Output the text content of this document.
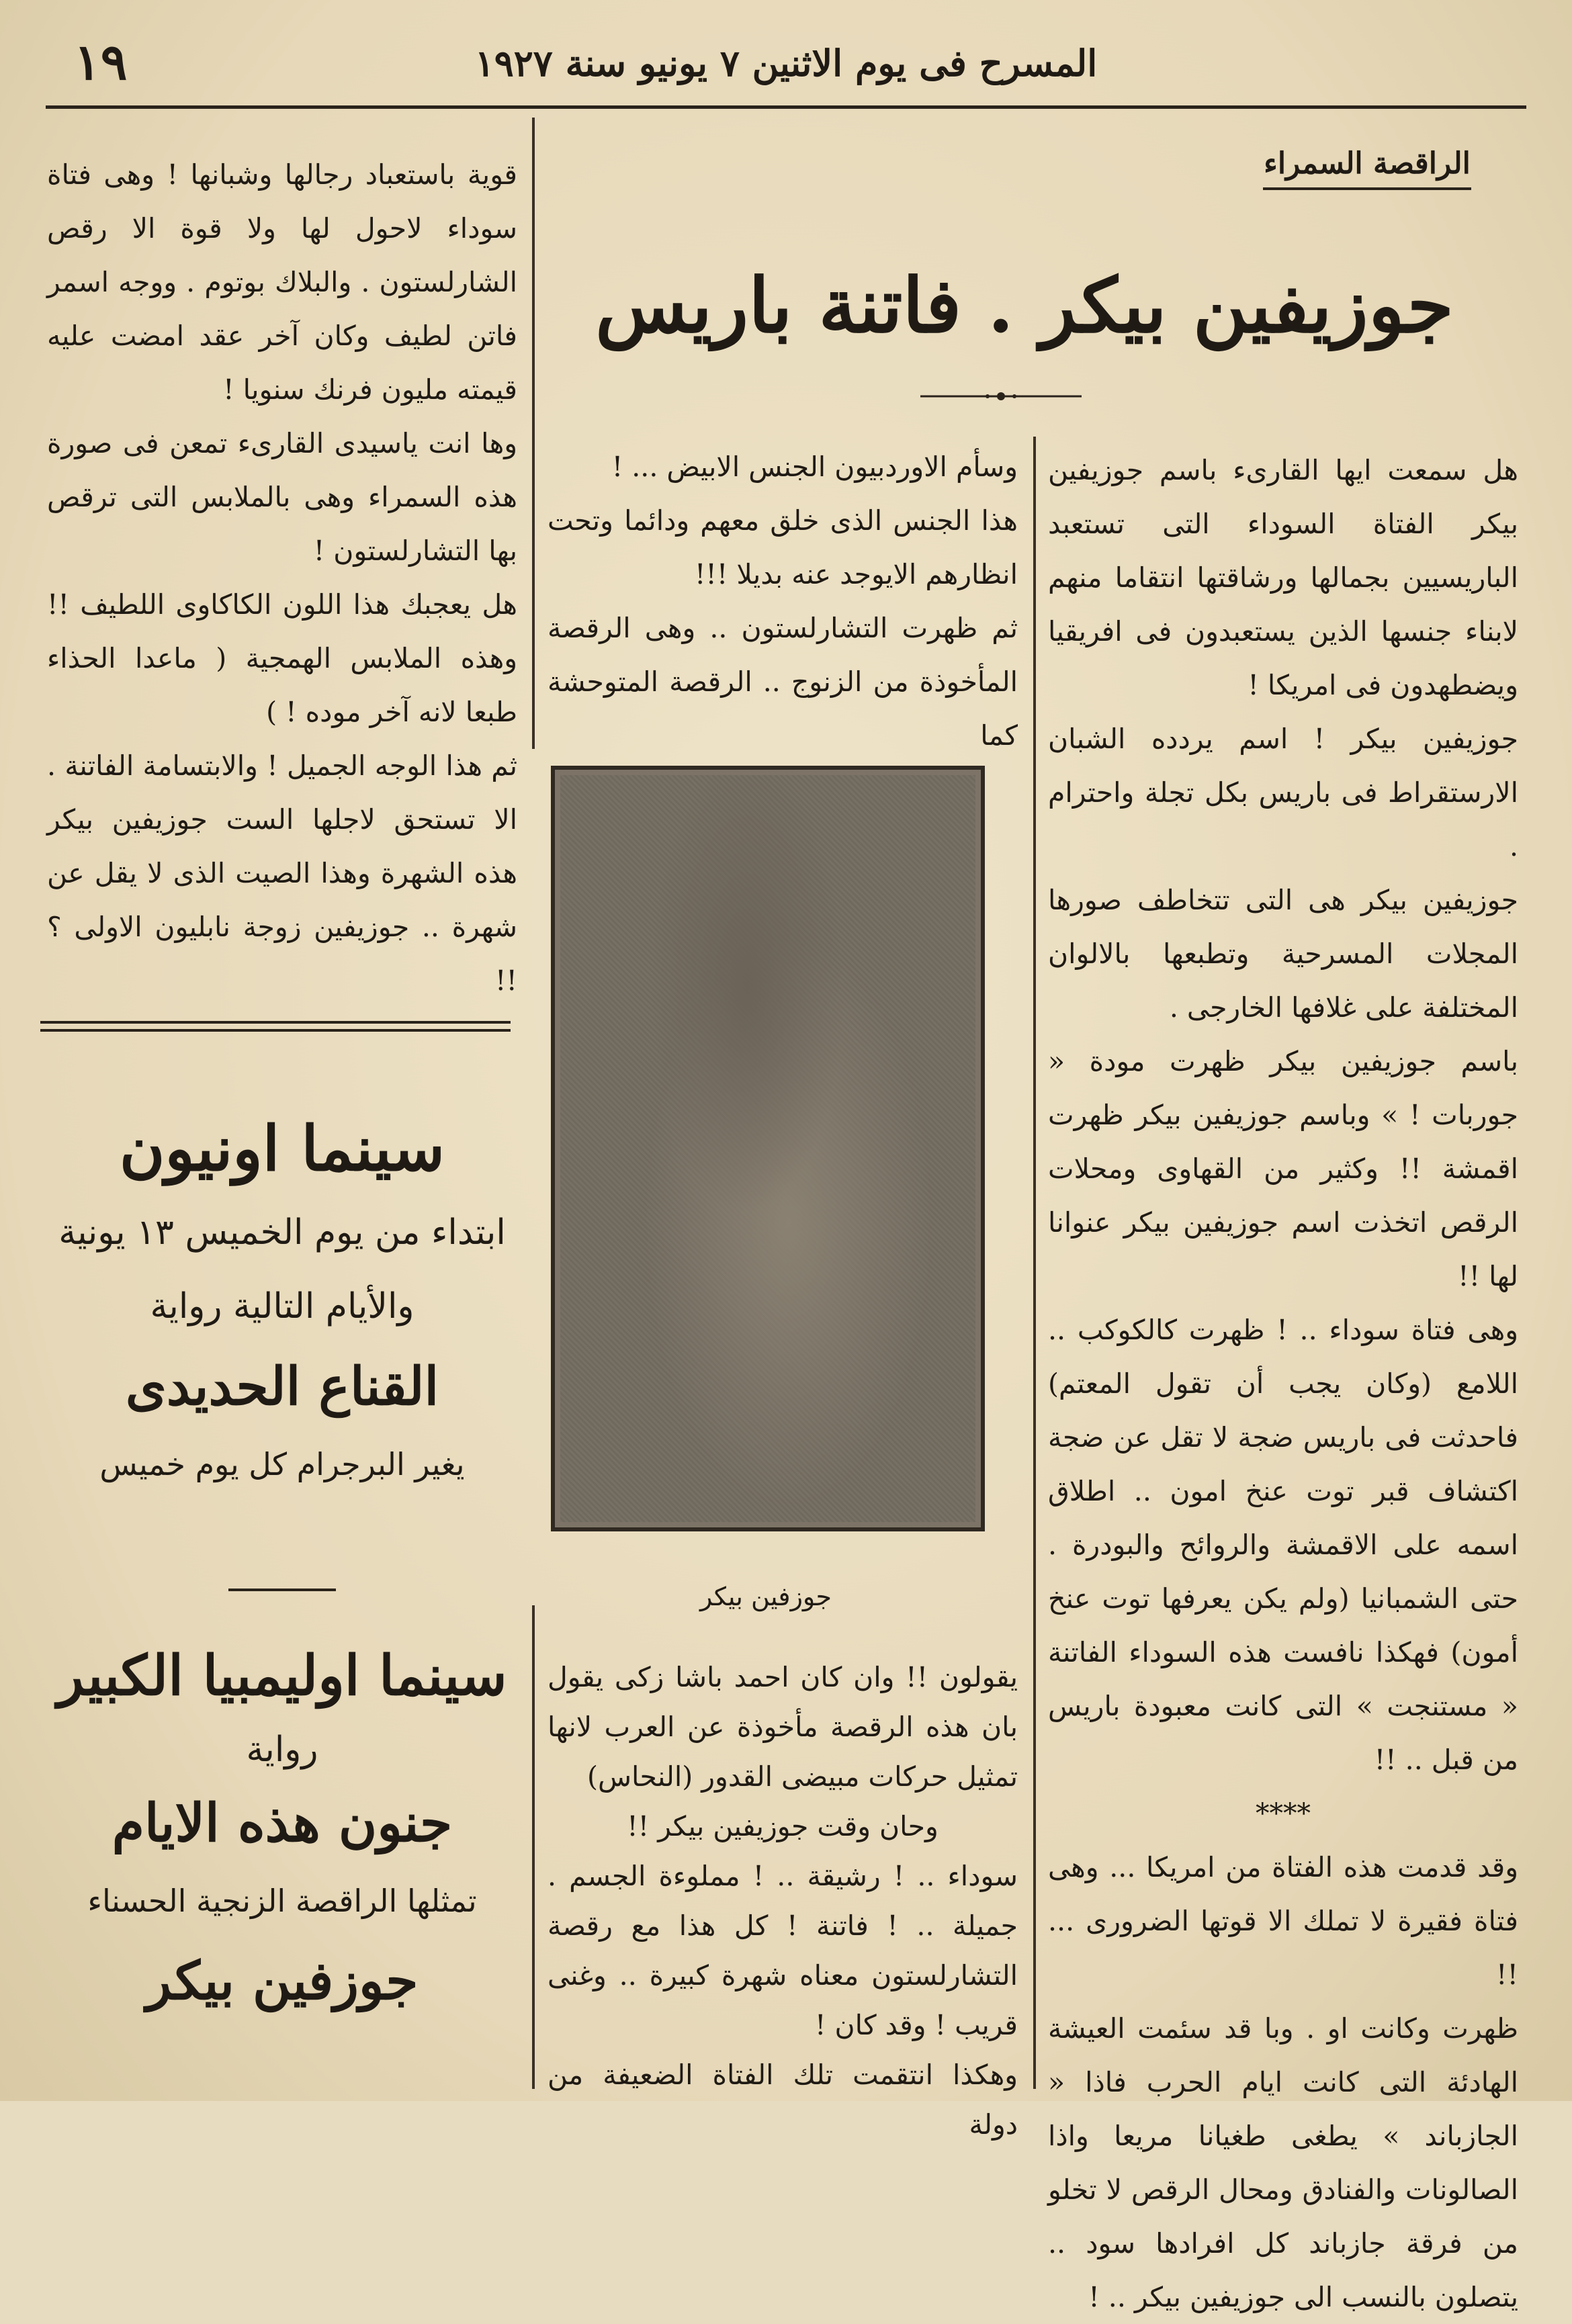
١٩	المسرح فى يوم الاثنين ٧ يونيو سنة ١٩٢٧
الراقصة السمراء
جوزيفين بيكر . فاتنة باريس

هل سمعت ايها القارىء باسم جوزيفين بيكر الفتاة السوداء التى تستعبد الباريسيين بجمالها ورشاقتها انتقاما منهم لابناء جنسها الذين يستعبدون فى افريقيا ويضطهدون فى امريكا !

جوزيفين بيكر ! اسم يردده الشبان الارستقراط فى باريس بكل تجلة واحترام .

جوزيفين بيكر هى التى تتخاطف صورها المجلات المسرحية وتطبعها بالالوان المختلفة على غلافها الخارجى .

باسم جوزيفين بيكر ظهرت مودة « جوربات ! » وباسم جوزيفين بيكر ظهرت اقمشة !! وكثير من القهاوى ومحلات الرقص اتخذت اسم جوزيفين بيكر عنوانا لها !!

وهى فتاة سوداء .. ! ظهرت كالكوكب .. اللامع (وكان يجب أن تقول المعتم) فاحدثت فى باريس ضجة لا تقل عن ضجة اكتشاف قبر توت عنخ امون .. اطلاق اسمه على الاقمشة والروائح والبودرة . حتى الشمبانيا (ولم يكن يعرفها توت عنخ أمون) فهكذا نافست هذه السوداء الفاتنة « مستنجت » التى كانت معبودة باريس من قبل .. !!

****

وقد قدمت هذه الفتاة من امريكا ... وهى فتاة فقيرة لا تملك الا قوتها الضرورى ... !!

ظهرت وكانت او . وبا قد سئمت العيشة الهادئة التى كانت ايام الحرب فاذا « الجازباند » يطغى طغيانا مريعا واذا الصالونات والفنادق ومحال الرقص لا تخلو من فرقة جازباند كل افرادها سود .. يتصلون بالنسب الى جوزيفين بيكر .. !

وسأم الاوردبيون الجنس الابيض ... !

هذا الجنس الذى خلق معهم ودائما وتحت انظارهم الايوجد عنه بديلا !!!

ثم ظهرت التشارلستون .. وهى الرقصة المأخوذة من الزنوج .. الرقصة المتوحشة كما

جوزفين بيكر

يقولون !! وان كان احمد باشا زكى يقول بان هذه الرقصة مأخوذة عن العرب لانها تمثيل حركات مبيضى القدور (النحاس)

وحان وقت جوزيفين بيكر !!

سوداء .. ! رشيقة .. ! مملوءة الجسم . جميلة .. ! فاتنة ! كل هذا مع رقصة التشارلستون معناه شهرة كبيرة .. وغنى قريب ! وقد كان !

وهكذا انتقمت تلك الفتاة الضعيفة من دولة

قوية باستعباد رجالها وشبانها ! وهى فتاة سوداء لاحول لها ولا قوة الا رقص الشارلستون . والبلاك بوتوم . ووجه اسمر فاتن لطيف وكان آخر عقد امضت عليه قيمته مليون فرنك سنويا !

وها انت ياسيدى القارىء تمعن فى صورة هذه السمراء وهى بالملابس التى ترقص بها التشارلستون !

هل يعجبك هذا اللون الكاكاوى اللطيف !! وهذه الملابس الهمجية ( ماعدا الحذاء طبعا لانه آخر موده ! )

ثم هذا الوجه الجميل ! والابتسامة الفاتنة . الا تستحق لاجلها الست جوزيفين بيكر هذه الشهرة وهذا الصيت الذى لا يقل عن شهرة .. جوزيفين زوجة نابليون الاولى ؟ !!

سينما اونيون
ابتداء من يوم الخميس ١٣ يونية
والأيام التالية رواية
القناع الحديدى
يغير البرجرام كل يوم خميس
سينما اوليمبيا الكبير
رواية
جنون هذه الايام
تمثلها الراقصة الزنجية الحسناء
جوزفين بيكر
